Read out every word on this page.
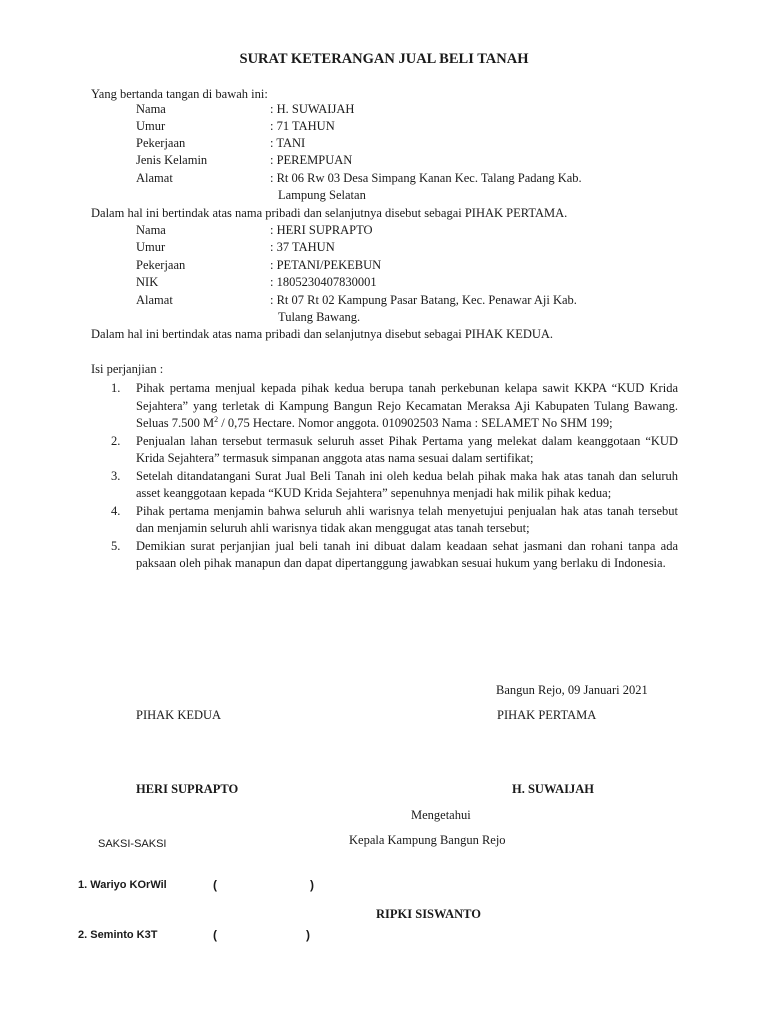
SURAT KETERANGAN JUAL BELI TANAH
Yang bertanda tangan di bawah ini:
Nama	: H. SUWAIJAH
Umur	: 71 TAHUN
Pekerjaan	: TANI
Jenis Kelamin	: PEREMPUAN
Alamat	: Rt 06 Rw 03 Desa Simpang Kanan Kec. Talang Padang Kab.
Lampung Selatan
Dalam hal ini bertindak atas nama pribadi dan selanjutnya disebut sebagai PIHAK PERTAMA.
Nama	: HERI SUPRAPTO
Umur	: 37 TAHUN
Pekerjaan	: PETANI/PEKEBUN
NIK	: 1805230407830001
Alamat	: Rt 07 Rt 02 Kampung Pasar Batang, Kec. Penawar Aji Kab.
Tulang Bawang.
Dalam hal ini bertindak atas nama pribadi dan selanjutnya disebut sebagai PIHAK KEDUA.
Isi perjanjian :

1. Pihak pertama menjual kepada pihak kedua berupa tanah perkebunan kelapa sawit KKPA “KUD Krida Sejahtera” yang terletak di Kampung Bangun Rejo Kecamatan Meraksa Aji Kabupaten Tulang Bawang. Seluas 7.500 $M^2 / 0,75$ Hectare. Nomor anggota. 010902503 Nama : SELAMET No SHM 199;

2. Penjualan lahan tersebut termasuk seluruh asset Pihak Pertama yang melekat dalam keanggotaan “KUD Krida Sejahtera” termasuk simpanan anggota atas nama sesuai dalam sertifikat;

3. Setelah ditandatangani Surat Jual Beli Tanah ini oleh kedua belah pihak maka hak atas tanah dan seluruh asset keanggotaan kepada “KUD Krida Sejahtera” sepenuhnya menjadi hak milik pihak kedua;

4. Pihak pertama menjamin bahwa seluruh ahli warisnya telah menyetujui penjualan hak atas tanah tersebut dan menjamin seluruh ahli warisnya tidak akan menggugat atas tanah tersebut;

5. Demikian surat perjanjian jual beli tanah ini dibuat dalam keadaan sehat jasmani dan rohani tanpa ada paksaan oleh pihak manapun dan dapat dipertanggung jawabkan sesuai hukum yang berlaku di Indonesia.

Bangun Rejo, 09 Januari 2021
PIHAK KEDUA	PIHAK PERTAMA
HERI SUPRAPTO	H. SUWAIJAH
Mengetahui
Kepala Kampung Bangun Rejo
SAKSI-SAKSI
1. Wariyo KOrWil	(	)
RIPKI SISWANTO
2. Seminto K3T	(	)
